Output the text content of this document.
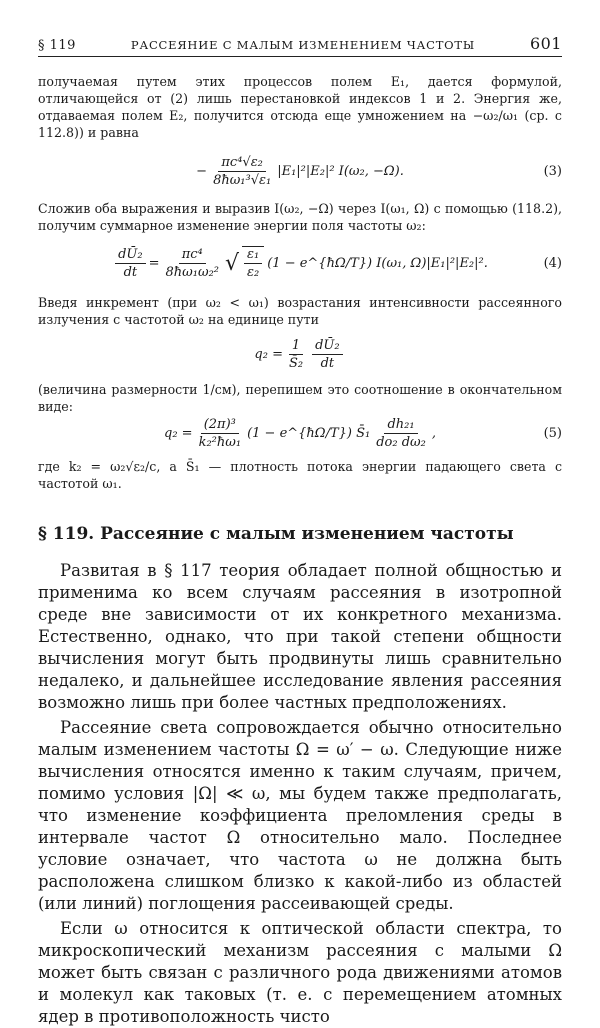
§ 119	РАССЕЯНИЕ С МАЛЫМ ИЗМЕНЕНИЕМ ЧАСТОТЫ	601

получаемая путем этих процессов полем E₁, дается формулой, отличающейся от (2) лишь перестановкой индексов 1 и 2. Энергия же, отдаваемая полем E₂, получится отсюда еще умножением на −ω₂/ω₁ (ср. с 112.8)) и равна

− $\frac{\text{πc⁴√ε₂}}{\text{8ħω₁³√ε₁}} |E_1|^2|E_2|^2$ I(ω₂, −Ω).	(3)

Сложив оба выражения и выразив I(ω₂, −Ω) через I(ω₁, Ω) с помощью (118.2), получим суммарное изменение энергии поля частоты ω₂:

$\frac{\text{dŪ₂}}{dt} = \frac{\text{πc⁴}}{\text{8ħω₁ω₂²}}$ √ $\frac{\text{ε₁}}{\text{ε₂}} (1$ − e^{ħΩ/T}) I(ω₁, Ω)|E₁|²|E₂|².	(4)

Введя инкремент (при ω₂ < ω₁) возрастания интенсивности рассеянного излучения с частотой ω₂ на единице пути

$q_2 = \frac{1}{\text{S̄₂}} \frac{\text{dŪ₂}}{dt}$

(величина размерности 1/см), перепишем это соотношение в окончательном виде:

$q_2 = \frac{\text{(2π)³}}{\text{k₂²ħω₁}} (1$ − e^{ħΩ/T}) S̄₁ $\frac{\text{dh₂₁}}{\text{do₂ dω₂}}$ ,	(5)

где k₂ = ω₂√ε₂/c, а S̄₁ — плотность потока энергии падающего света с частотой ω₁.

§ 119. Рассеяние с малым изменением частоты

Развитая в § 117 теория обладает полной общностью и применима ко всем случаям рассеяния в изотропной среде вне зависимости от их конкретного механизма. Естественно, однако, что при такой степени общности вычисления могут быть продвинуты лишь сравнительно недалеко, и дальнейшее исследование явления рассеяния возможно лишь при более частных предположениях.

Рассеяние света сопровождается обычно относительно малым изменением частоты Ω = ω′ − ω. Следующие ниже вычисления относятся именно к таким случаям, причем, помимо условия |Ω| ≪ ω, мы будем также предполагать, что изменение коэффициента преломления среды в интервале частот Ω относительно мало. Последнее условие означает, что частота ω не должна быть расположена слишком близко к какой-либо из областей (или линий) поглощения рассеивающей среды.

Если ω относится к оптической области спектра, то микроскопический механизм рассеяния с малыми Ω может быть связан с различного рода движениями атомов и молекул как таковых (т. е. с перемещением атомных ядер в противоположность чисто
